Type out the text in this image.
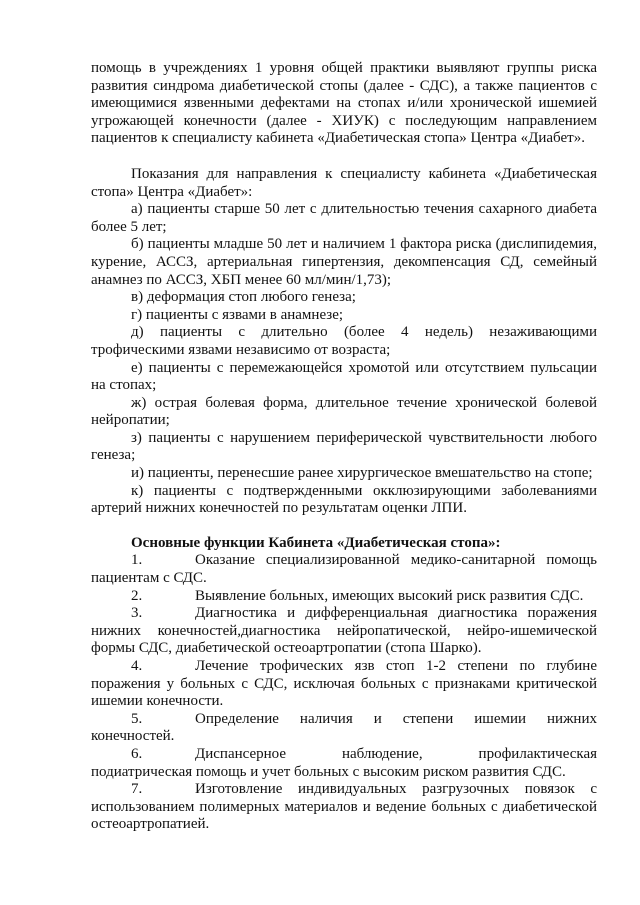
помощь в учреждениях 1 уровня общей практики выявляют группы риска развития синдрома диабетической стопы (далее - СДС), а также пациентов с имеющимися язвенными дефектами на стопах и/или хронической ишемией угрожающей конечности (далее - ХИУК) с последующим направлением пациентов к специалисту кабинета «Диабетическая стопа» Центра «Диабет».

Показания для направления к специалисту кабинета «Диабетическая стопа» Центра «Диабет»:

а) пациенты старше 50 лет с длительностью течения сахарного диабета более 5 лет;

б) пациенты младше 50 лет и наличием 1 фактора риска (дислипидемия, курение, АССЗ, артериальная гипертензия, декомпенсация СД, семейный анамнез по АССЗ, ХБП менее 60 мл/мин/1,73);

в) деформация стоп любого генеза;

г) пациенты с язвами в анамнезе;

д) пациенты с длительно (более 4 недель) незаживающими трофическими язвами независимо от возраста;

е) пациенты с перемежающейся хромотой или отсутствием пульсации на стопах;

ж) острая болевая форма, длительное течение хронической болевой нейропатии;

з) пациенты с нарушением периферической чувствительности любого генеза;

и) пациенты, перенесшие ранее хирургическое вмешательство на стопе;

к) пациенты с подтвержденными окклюзирующими заболеваниями артерий нижних конечностей по результатам оценки ЛПИ.

Основные функции Кабинета «Диабетическая стопа»:

1.	Оказание специализированной медико-санитарной помощь пациентам с СДС.

2.	Выявление больных, имеющих высокий риск развития СДС.

3.	Диагностика и дифференциальная диагностика поражения нижних конечностей,диагностика нейропатической, нейро-ишемической формы СДС, диабетической остеоартропатии (стопа Шарко).

4.	Лечение трофических язв стоп 1-2 степени по глубине поражения у больных с СДС, исключая больных с признаками критической ишемии конечности.

5.	Определение наличия и степени ишемии нижних конечностей.

6.	Диспансерное наблюдение, профилактическая подиатрическая помощь и учет больных с высоким риском развития СДС.

7.	Изготовление индивидуальных разгрузочных повязок с использованием полимерных материалов и ведение больных с диабетической остеоартропатией.
